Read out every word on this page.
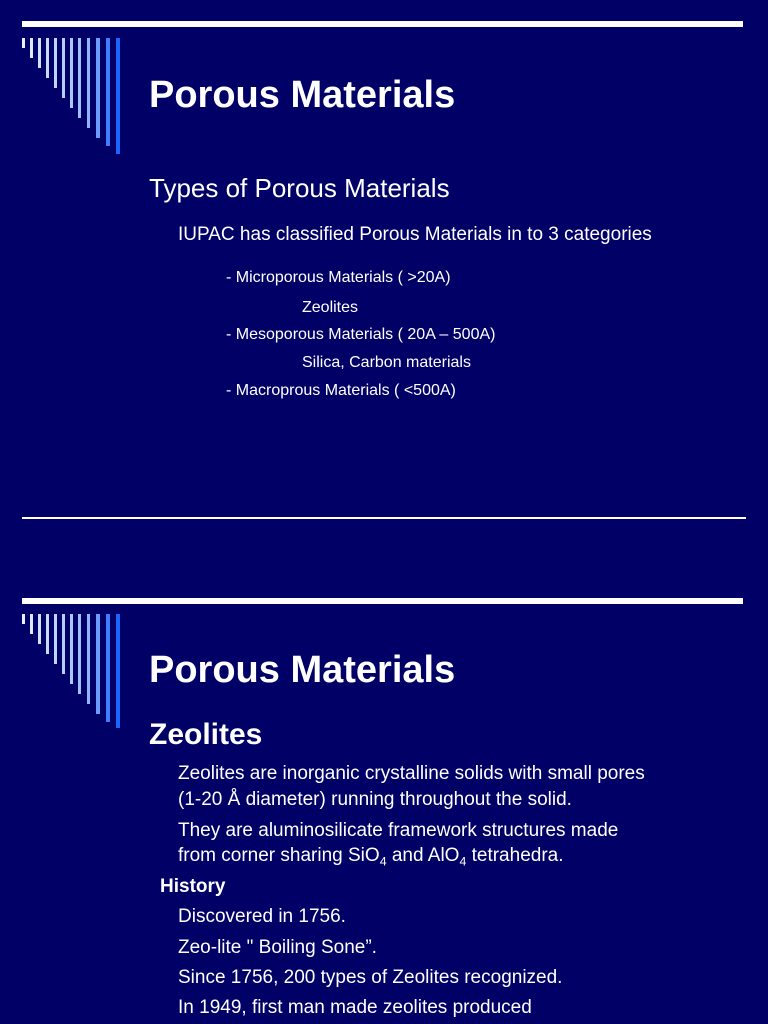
Porous Materials
Types of Porous Materials
IUPAC has classified Porous Materials in to 3 categories
- Microporous Materials ( >20A)
Zeolites
- Mesoporous Materials ( 20A – 500A)
Silica, Carbon materials
- Macroprous Materials ( <500A)
Porous Materials
Zeolites
Zeolites are inorganic crystalline solids with small pores
(1-20 Å diameter) running throughout the solid.
They are aluminosilicate framework structures made
from corner sharing SiO$_4$ and AlO$_4$ tetrahedra.
History
Discovered in 1756.
Zeo-lite " Boiling Sone”.
Since 1756, 200 types of Zeolites recognized.
In 1949, first man made zeolites produced
